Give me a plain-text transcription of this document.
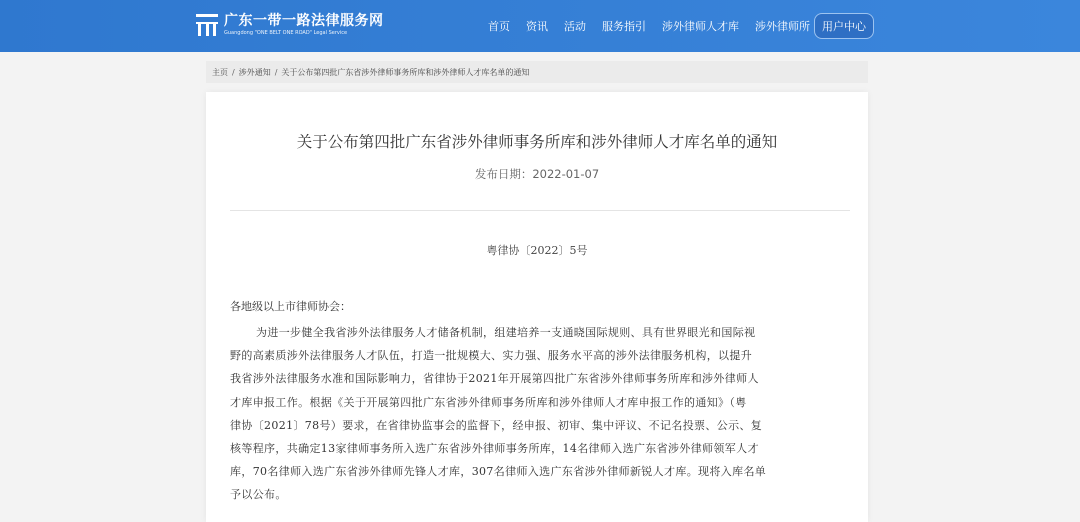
广东一带一路法律服务网
Guangdong "ONE BELT ONE ROAD" Legal Service	首页 资讯 活动 服务指引 涉外律师人才库 涉外律师所	用户中心
主页 / 涉外通知 / 关于公布第四批广东省涉外律师事务所库和涉外律师人才库名单的通知
关于公布第四批广东省涉外律师事务所库和涉外律师人才库名单的通知
发布日期：2022-01-07
粤律协〔2022〕5号
各地级以上市律师协会：
为进一步健全我省涉外法律服务人才储备机制，组建培养一支通晓国际规则、具有世界眼光和国际视
野的高素质涉外法律服务人才队伍，打造一批规模大、实力强、服务水平高的涉外法律服务机构，以提升
我省涉外法律服务水准和国际影响力，省律协于2021年开展第四批广东省涉外律师事务所库和涉外律师人
才库申报工作。根据《关于开展第四批广东省涉外律师事务所库和涉外律师人才库申报工作的通知》（粤
律协〔2021〕78号）要求，在省律协监事会的监督下，经申报、初审、集中评议、不记名投票、公示、复
核等程序，共确定13家律师事务所入选广东省涉外律师事务所库，14名律师入选广东省涉外律师领军人才
库，70名律师入选广东省涉外律师先锋人才库，307名律师入选广东省涉外律师新锐人才库。现将入库名单
予以公布。
